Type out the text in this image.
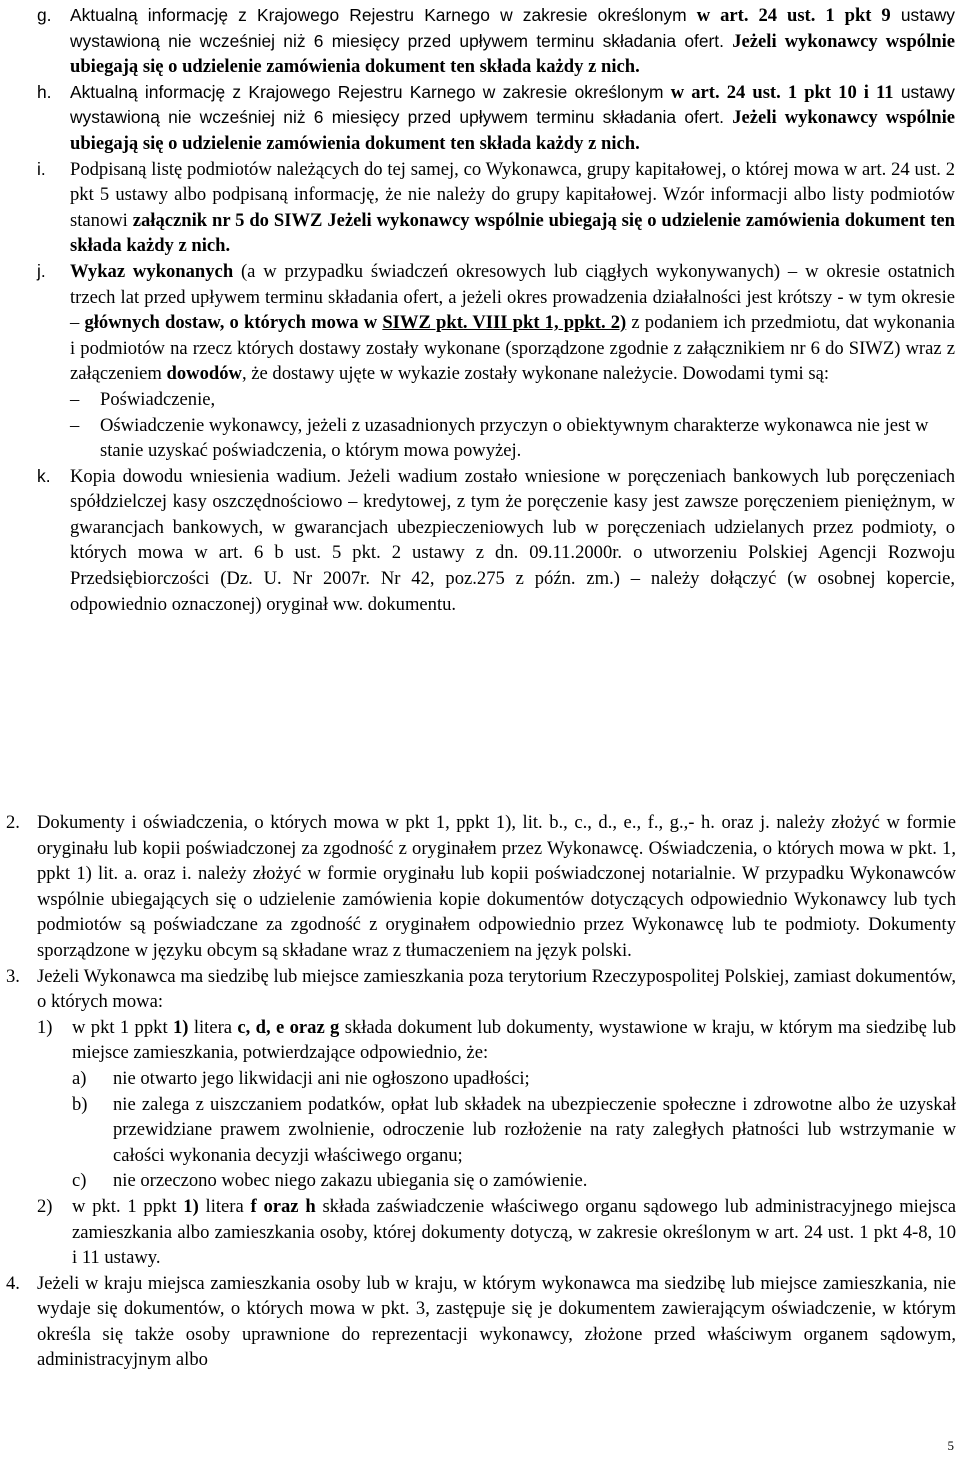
g. Aktualną informację z Krajowego Rejestru Karnego w zakresie określonym w art. 24 ust. 1 pkt 9 ustawy wystawioną nie wcześniej niż 6 miesięcy przed upływem terminu składania ofert. Jeżeli wykonawcy wspólnie ubiegają się o udzielenie zamówienia dokument ten składa każdy z nich.
h. Aktualną informację z Krajowego Rejestru Karnego w zakresie określonym w art. 24 ust. 1 pkt 10 i 11 ustawy wystawioną nie wcześniej niż 6 miesięcy przed upływem terminu składania ofert. Jeżeli wykonawcy wspólnie ubiegają się o udzielenie zamówienia dokument ten składa każdy z nich.
i. Podpisaną listę podmiotów należących do tej samej, co Wykonawca, grupy kapitałowej, o której mowa w art. 24 ust. 2 pkt 5 ustawy albo podpisaną informację, że nie należy do grupy kapitałowej. Wzór informacji albo listy podmiotów stanowi załącznik nr 5 do SIWZ Jeżeli wykonawcy wspólnie ubiegają się o udzielenie zamówienia dokument ten składa każdy z nich.
j. Wykaz wykonanych (a w przypadku świadczeń okresowych lub ciągłych wykonywanych) – w okresie ostatnich trzech lat przed upływem terminu składania ofert, a jeżeli okres prowadzenia działalności jest krótszy - w tym okresie – głównych dostaw, o których mowa w SIWZ pkt. VIII pkt 1, ppkt. 2) z podaniem ich przedmiotu, dat wykonania i podmiotów na rzecz których dostawy zostały wykonane (sporządzone zgodnie z załącznikiem nr 6 do SIWZ) wraz z załączeniem dowodów, że dostawy ujęte w wykazie zostały wykonane należycie. Dowodami tymi są:
– Poświadczenie,
– Oświadczenie wykonawcy, jeżeli z uzasadnionych przyczyn o obiektywnym charakterze wykonawca nie jest w stanie uzyskać poświadczenia, o którym mowa powyżej.
k. Kopia dowodu wniesienia wadium. Jeżeli wadium zostało wniesione w poręczeniach bankowych lub poręczeniach spółdzielczej kasy oszczędnościowo – kredytowej, z tym że poręczenie kasy jest zawsze poręczeniem pieniężnym, w gwarancjach bankowych, w gwarancjach ubezpieczeniowych lub w poręczeniach udzielanych przez podmioty, o których mowa w art. 6 b ust. 5 pkt. 2 ustawy z dn. 09.11.2000r. o utworzeniu Polskiej Agencji Rozwoju Przedsiębiorczości (Dz. U. Nr 2007r. Nr 42, poz.275 z późn. zm.) – należy dołączyć (w osobnej kopercie, odpowiednio oznaczonej) oryginał ww. dokumentu.
2. Dokumenty i oświadczenia, o których mowa w pkt 1, ppkt 1), lit. b., c., d., e., f., g.,- h. oraz j. należy złożyć w formie oryginału lub kopii poświadczonej za zgodność z oryginałem przez Wykonawcę. Oświadczenia, o których mowa w pkt. 1, ppkt 1) lit. a. oraz i. należy złożyć w formie oryginału lub kopii poświadczonej notarialnie. W przypadku Wykonawców wspólnie ubiegających się o udzielenie zamówienia kopie dokumentów dotyczących odpowiednio Wykonawcy lub tych podmiotów są poświadczane za zgodność z oryginałem odpowiednio przez Wykonawcę lub te podmioty. Dokumenty sporządzone w języku obcym są składane wraz z tłumaczeniem na język polski.
3. Jeżeli Wykonawca ma siedzibę lub miejsce zamieszkania poza terytorium Rzeczypospolitej Polskiej, zamiast dokumentów, o których mowa:
1) w pkt 1 ppkt 1) litera c, d, e oraz g składa dokument lub dokumenty, wystawione w kraju, w którym ma siedzibę lub miejsce zamieszkania, potwierdzające odpowiednio, że:
a) nie otwarto jego likwidacji ani nie ogłoszono upadłości;
b) nie zalega z uiszczaniem podatków, opłat lub składek na ubezpieczenie społeczne i zdrowotne albo że uzyskał przewidziane prawem zwolnienie, odroczenie lub rozłożenie na raty zaległych płatności lub wstrzymanie w całości wykonania decyzji właściwego organu;
c) nie orzeczono wobec niego zakazu ubiegania się o zamówienie.
2) w pkt. 1 ppkt 1) litera f oraz h składa zaświadczenie właściwego organu sądowego lub administracyjnego miejsca zamieszkania albo zamieszkania osoby, której dokumenty dotyczą, w zakresie określonym w art. 24 ust. 1 pkt 4-8, 10 i 11 ustawy.
4. Jeżeli w kraju miejsca zamieszkania osoby lub w kraju, w którym wykonawca ma siedzibę lub miejsce zamieszkania, nie wydaje się dokumentów, o których mowa w pkt. 3, zastępuje się je dokumentem zawierającym oświadczenie, w którym określa się także osoby uprawnione do reprezentacji wykonawcy, złożone przed właściwym organem sądowym, administracyjnym albo
5
